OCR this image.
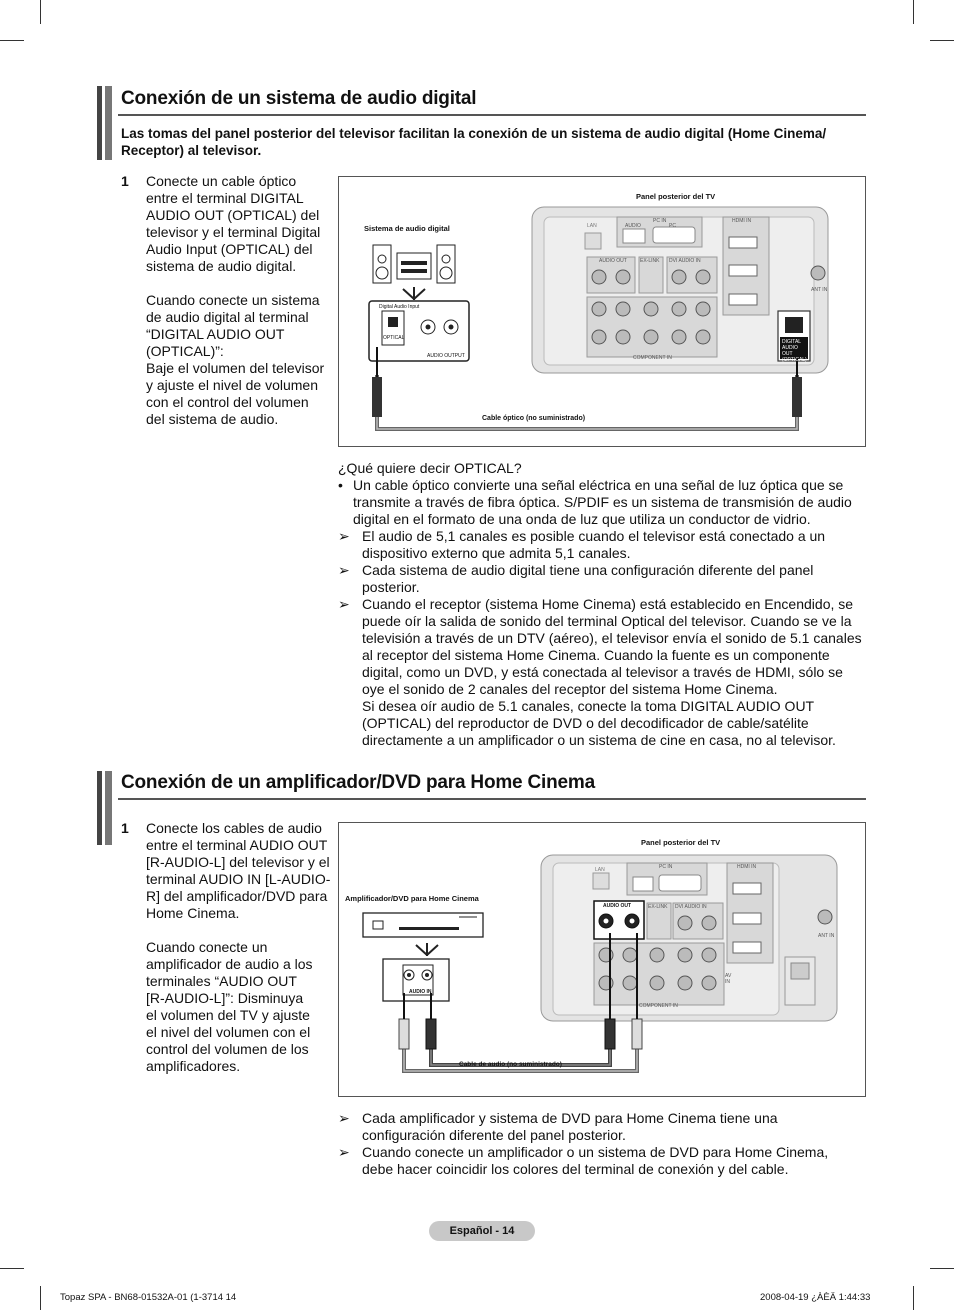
Conexión de un sistema de audio digital
Las tomas del panel posterior del televisor facilitan la conexión de un sistema de audio digital (Home Cinema/ Receptor) al televisor.
1 Conecte un cable óptico
entre el terminal DIGITAL
AUDIO OUT (OPTICAL) del
televisor y el terminal Digital
Audio Input (OPTICAL) del
sistema de audio digital.

Cuando conecte un sistema
de audio digital al terminal
“DIGITAL AUDIO OUT
(OPTICAL)”:
Baje el volumen del televisor
y ajuste el nivel de volumen
con el control del volumen
del sistema de audio.
Panel posterior del TV
Sistema de audio digital
Cable óptico (no suministrado)
Digital Audio Input
OPTICAL
AUDIO OUTPUT
DIGITAL AUDIO OUT (OPTICAL)
LAN
PC IN
AUDIO	PC
HDMI IN
AUDIO OUT	EX-LINK DVI AUDIO IN
ANT IN
COMPONENT IN
¿Qué quiere decir OPTICAL?
• Un cable óptico convierte una señal eléctrica en una señal de luz óptica que se transmite a través de fibra óptica. S/PDIF es un sistema de transmisión de audio digital en el formato de una onda de luz que utiliza un conductor de vidrio.
➢ El audio de 5,1 canales es posible cuando el televisor está conectado a un dispositivo externo que admita 5,1 canales.
➢ Cada sistema de audio digital tiene una configuración diferente del panel posterior.
➢ Cuando el receptor (sistema Home Cinema) está establecido en Encendido, se puede oír la salida de sonido del terminal Optical del televisor. Cuando se ve la televisión a través de un DTV (aéreo), el televisor envía el sonido de 5.1 canales al receptor del sistema Home Cinema. Cuando la fuente es un componente digital, como un DVD, y está conectada al televisor a través de HDMI, sólo se oye el sonido de 2 canales del receptor del sistema Home Cinema.
Si desea oír audio de 5.1 canales, conecte la toma DIGITAL AUDIO OUT (OPTICAL) del reproductor de DVD o del decodificador de cable/satélite directamente a un amplificador o un sistema de cine en casa, no al televisor.
Conexión de un amplificador/DVD para Home Cinema
1 Conecte los cables de audio
entre el terminal AUDIO OUT
[R-AUDIO-L] del televisor y el
terminal AUDIO IN [L-AUDIO-
R] del amplificador/DVD para
Home Cinema.

Cuando conecte un
amplificador de audio a los
terminales “AUDIO OUT
[R-AUDIO-L]”: Disminuya
el volumen del TV y ajuste
el nivel del volumen con el
control del volumen de los
amplificadores.
Panel posterior del TV
Amplificador/DVD para Home Cinema
Cable de audio (no suministrado)
AUDIO OUT
AUDIO IN
LAN	PC IN	HDMI IN
EX-LINK DVI AUDIO IN
ANT IN
AV IN
COMPONENT IN
➢ Cada amplificador y sistema de DVD para Home Cinema tiene una configuración diferente del panel posterior.
➢ Cuando conecte un amplificador o un sistema de DVD para Home Cinema, debe hacer coincidir los colores del terminal de conexión y del cable.
Español - 14
Topaz SPA - BN68-01532A-01 (1-3714 14	2008-04-19 ¿ÀÈÄ 1:44:33
